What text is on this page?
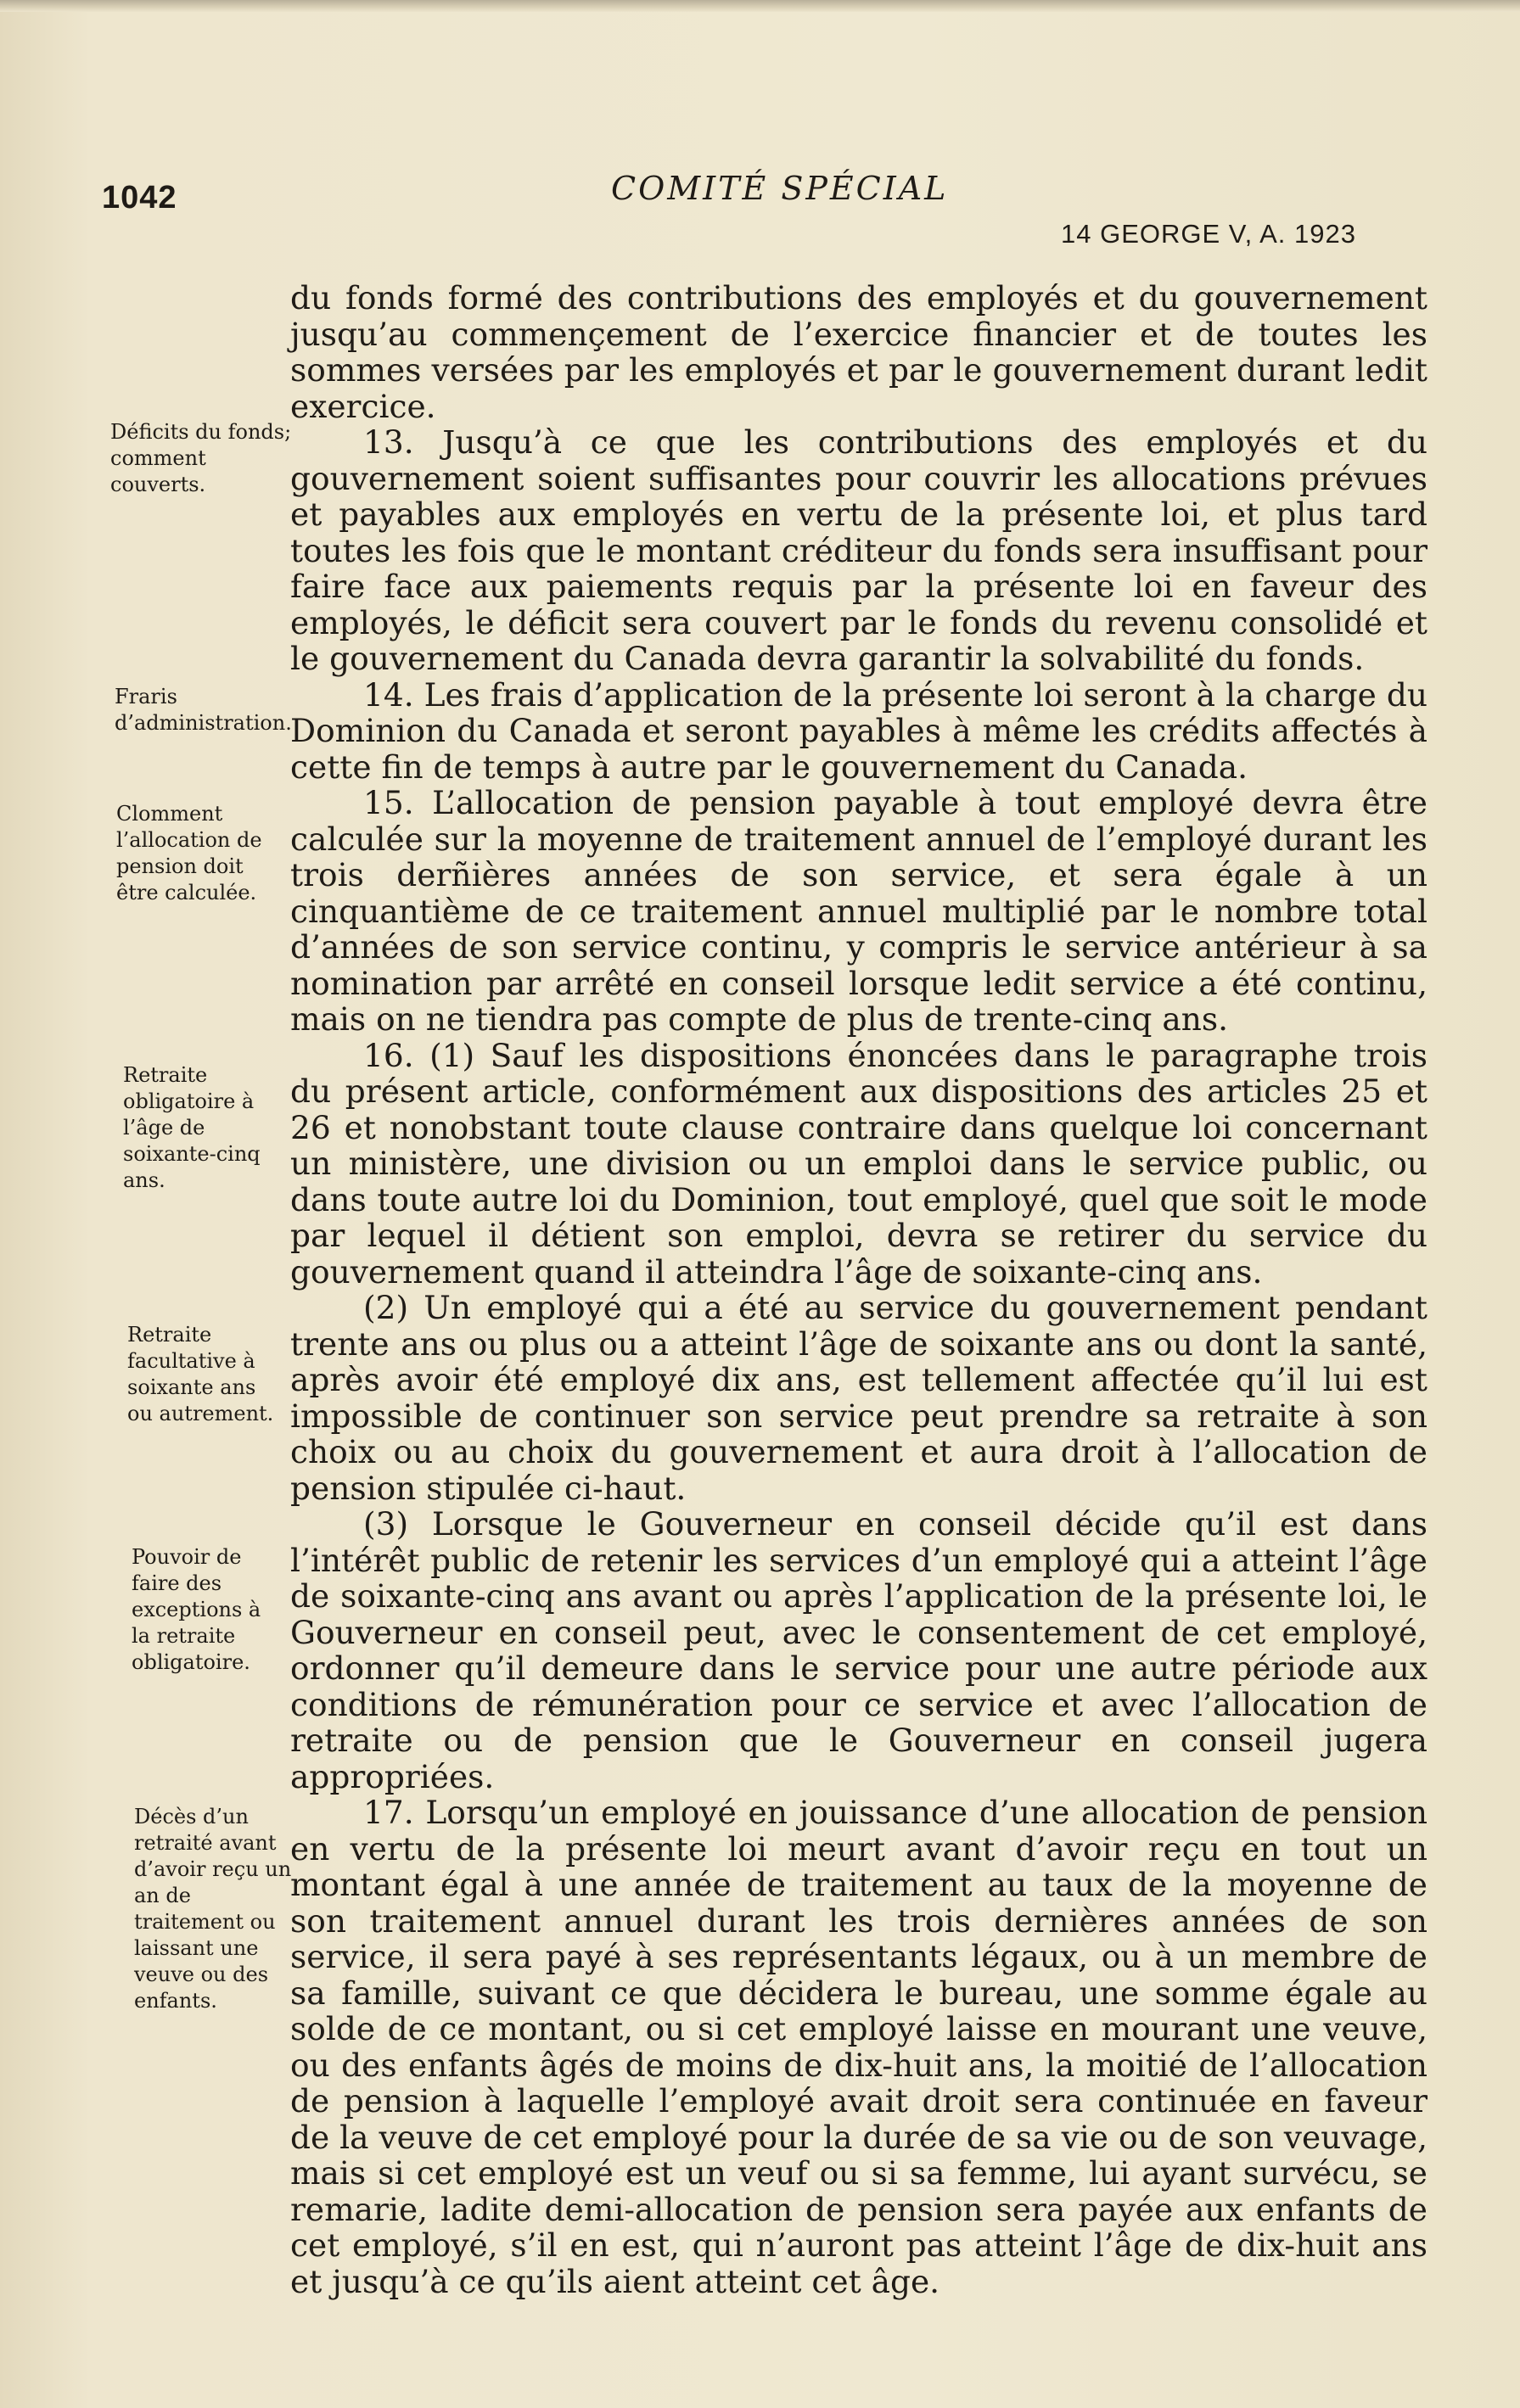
1042	COMITÉ SPÉCIAL
14 GEORGE V, A. 1923
Déficits du fonds; comment couverts.
Fraris d’administration.
Clomment l’allocation de pension doit être calculée.
Retraite obligatoire à l’âge de soixante-cinq ans.
Retraite facultative à soixante ans ou autrement.
Pouvoir de faire des exceptions à la retraite obligatoire.
Décès d’un retraité avant d’avoir reçu un an de traitement ou laissant une veuve ou des enfants.

du fonds formé des contributions des employés et du gouvernement jusqu’au commençement de l’exercice financier et de toutes les sommes versées par les employés et par le gouvernement durant ledit exercice.

13. Jusqu’à ce que les contributions des employés et du gouvernement soient suffisantes pour couvrir les allocations prévues et payables aux employés en vertu de la présente loi, et plus tard toutes les fois que le montant créditeur du fonds sera insuffisant pour faire face aux paiements requis par la présente loi en faveur des employés, le déficit sera couvert par le fonds du revenu consolidé et le gouvernement du Canada devra garantir la solvabilité du fonds.

14. Les frais d’application de la présente loi seront à la charge du Dominion du Canada et seront payables à même les crédits affectés à cette fin de temps à autre par le gouvernement du Canada.

15. L’allocation de pension payable à tout employé devra être calculée sur la moyenne de traitement annuel de l’employé durant les trois derñières années de son service, et sera égale à un cinquantième de ce traitement annuel multiplié par le nombre total d’années de son service continu, y compris le service antérieur à sa nomination par arrêté en conseil lorsque ledit service a été continu, mais on ne tiendra pas compte de plus de trente-cinq ans.

16. (1) Sauf les dispositions énoncées dans le paragraphe trois du présent article, conformément aux dispositions des articles 25 et 26 et nonobstant toute clause contraire dans quelque loi concernant un ministère, une division ou un emploi dans le service public, ou dans toute autre loi du Dominion, tout employé, quel que soit le mode par lequel il détient son emploi, devra se retirer du service du gouvernement quand il atteindra l’âge de soixante-cinq ans.

(2) Un employé qui a été au service du gouvernement pendant trente ans ou plus ou a atteint l’âge de soixante ans ou dont la santé, après avoir été employé dix ans, est tellement affectée qu’il lui est impossible de continuer son service peut prendre sa retraite à son choix ou au choix du gouvernement et aura droit à l’allocation de pension stipulée ci-haut.

(3) Lorsque le Gouverneur en conseil décide qu’il est dans l’intérêt public de retenir les services d’un employé qui a atteint l’âge de soixante-cinq ans avant ou après l’application de la présente loi, le Gouverneur en conseil peut, avec le consentement de cet employé, ordonner qu’il demeure dans le service pour une autre période aux conditions de rémunération pour ce service et avec l’allocation de retraite ou de pension que le Gouverneur en conseil jugera appropriées.

17. Lorsqu’un employé en jouissance d’une allocation de pension en vertu de la présente loi meurt avant d’avoir reçu en tout un montant égal à une année de traitement au taux de la moyenne de son traitement annuel durant les trois dernières années de son service, il sera payé à ses représentants légaux, ou à un membre de sa famille, suivant ce que décidera le bureau, une somme égale au solde de ce montant, ou si cet employé laisse en mourant une veuve, ou des enfants âgés de moins de dix-huit ans, la moitié de l’allocation de pension à laquelle l’employé avait droit sera continuée en faveur de la veuve de cet employé pour la durée de sa vie ou de son veuvage, mais si cet employé est un veuf ou si sa femme, lui ayant survécu, se remarie, ladite demi-allocation de pension sera payée aux enfants de cet employé, s’il en est, qui n’auront pas atteint l’âge de dix-huit ans et jusqu’à ce qu’ils aient atteint cet âge.
